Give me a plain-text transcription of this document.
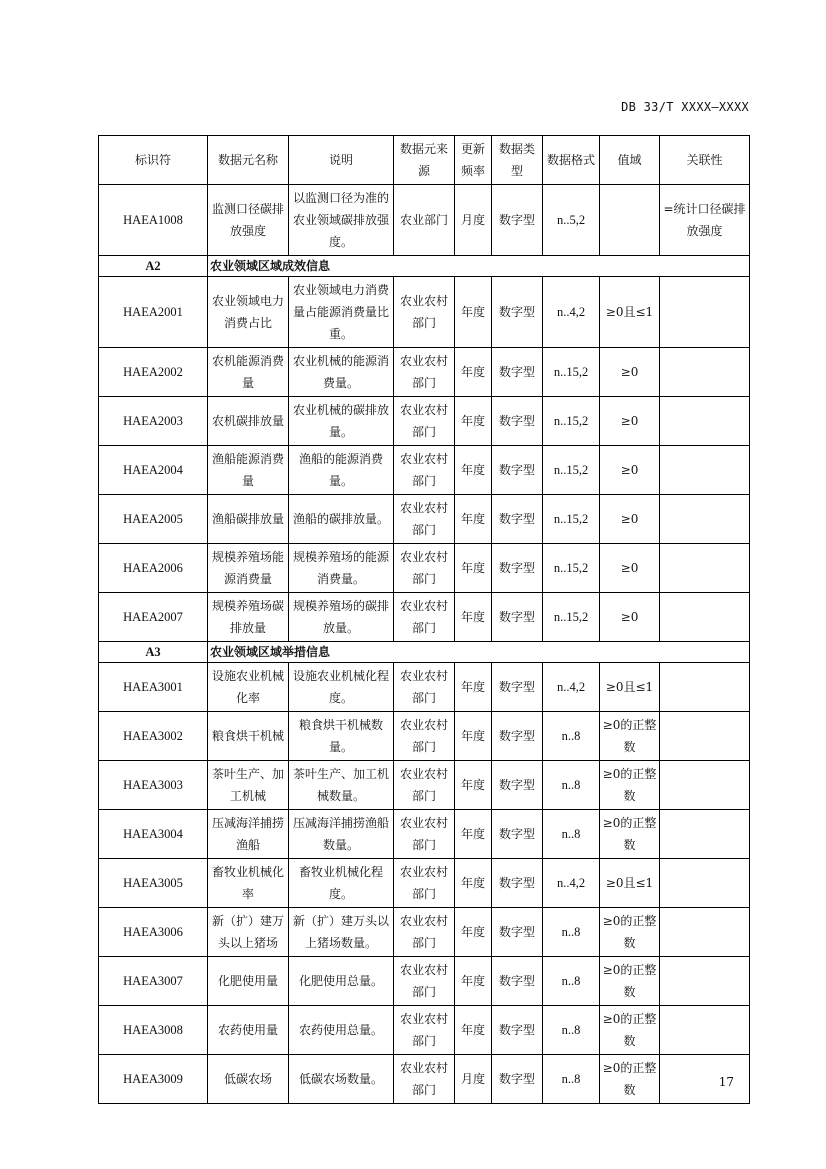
DB 33/T XXXX—XXXX
标识符	数据元名称	说明	数据元来源	更新频率	数据类型	数据格式	值域	关联性
HAEA1008	监测口径碳排放强度	以监测口径为准的农业领域碳排放强度。	农业部门	月度	数字型	n..5,2		=统计口径碳排放强度
A2	农业领域区域成效信息							
HAEA2001	农业领域电力消费占比	农业领域电力消费量占能源消费量比重。	农业农村部门	年度	数字型	n..4,2	≥0且≤1	
HAEA2002	农机能源消费量	农业机械的能源消费量。	农业农村部门	年度	数字型	n..15,2	≥0	
HAEA2003	农机碳排放量	农业机械的碳排放量。	农业农村部门	年度	数字型	n..15,2	≥0	
HAEA2004	渔船能源消费量	渔船的能源消费量。	农业农村部门	年度	数字型	n..15,2	≥0	
HAEA2005	渔船碳排放量	渔船的碳排放量。	农业农村部门	年度	数字型	n..15,2	≥0	
HAEA2006	规模养殖场能源消费量	规模养殖场的能源消费量。	农业农村部门	年度	数字型	n..15,2	≥0	
HAEA2007	规模养殖场碳排放量	规模养殖场的碳排放量。	农业农村部门	年度	数字型	n..15,2	≥0	
A3	农业领域区域举措信息							
HAEA3001	设施农业机械化率	设施农业机械化程度。	农业农村部门	年度	数字型	n..4,2	≥0且≤1	
HAEA3002	粮食烘干机械	粮食烘干机械数量。	农业农村部门	年度	数字型	n..8	≥0的正整数	
HAEA3003	茶叶生产、加工机械	茶叶生产、加工机械数量。	农业农村部门	年度	数字型	n..8	≥0的正整数	
HAEA3004	压减海洋捕捞渔船	压减海洋捕捞渔船数量。	农业农村部门	年度	数字型	n..8	≥0的正整数	
HAEA3005	畜牧业机械化率	畜牧业机械化程度。	农业农村部门	年度	数字型	n..4,2	≥0且≤1	
HAEA3006	新（扩）建万头以上猪场	新（扩）建万头以上猪场数量。	农业农村部门	年度	数字型	n..8	≥0的正整数	
HAEA3007	化肥使用量	化肥使用总量。	农业农村部门	年度	数字型	n..8	≥0的正整数	
HAEA3008	农药使用量	农药使用总量。	农业农村部门	年度	数字型	n..8	≥0的正整数	
HAEA3009	低碳农场	低碳农场数量。	农业农村部门	月度	数字型	n..8	≥0的正整数	
17
